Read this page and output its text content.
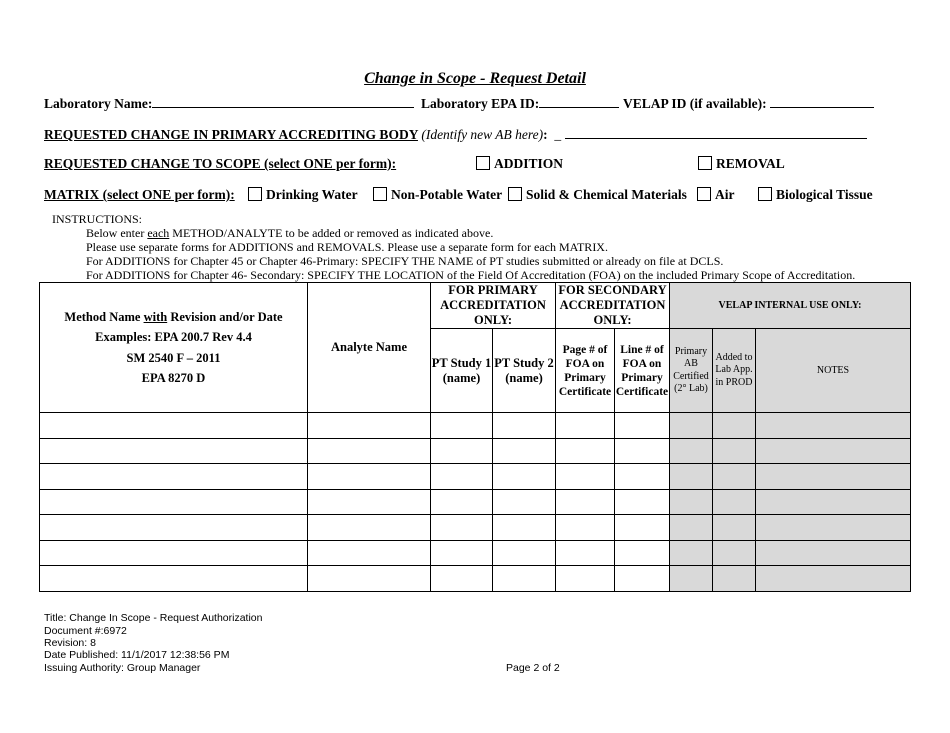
Change in Scope - Request Detail
Laboratory Name:	Laboratory EPA ID:	VELAP ID (if available):
REQUESTED CHANGE IN PRIMARY ACCREDITING BODY (Identify new AB here): _
REQUESTED CHANGE TO SCOPE (select ONE per form):	ADDITION	REMOVAL
MATRIX (select ONE per form):	Drinking Water	Non-Potable Water	Solid & Chemical Materials	Air	Biological Tissue
INSTRUCTIONS:
Below enter each METHOD/ANALYTE to be added or removed as indicated above.
Please use separate forms for ADDITIONS and REMOVALS. Please use a separate form for each MATRIX.
For ADDITIONS for Chapter 45 or Chapter 46-Primary: SPECIFY THE NAME of PT studies submitted or already on file at DCLS.
For ADDITIONS for Chapter 46- Secondary: SPECIFY THE LOCATION of the Field Of Accreditation (FOA) on the included Primary Scope of Accreditation.
Method Name with Revision and/or Date
Examples: EPA 200.7 Rev 4.4
SM 2540 F – 2011
EPA 8270 D	Analyte Name	FOR PRIMARY ACCREDITATION ONLY:		FOR SECONDARY ACCREDITATION ONLY:		VELAP INTERNAL USE ONLY:		
		PT Study 1 (name)	PT Study 2 (name)	Page # of FOA on Primary Certificate	Line # of FOA on Primary Certificate	Primary AB Certified (2° Lab)	Added to Lab App. in PROD	NOTES

Title: Change In Scope - Request Authorization
Document #:6972
Revision: 8
Date Published: 11/1/2017 12:38:56 PM
Issuing Authority: Group Manager	Page 2 of 2
